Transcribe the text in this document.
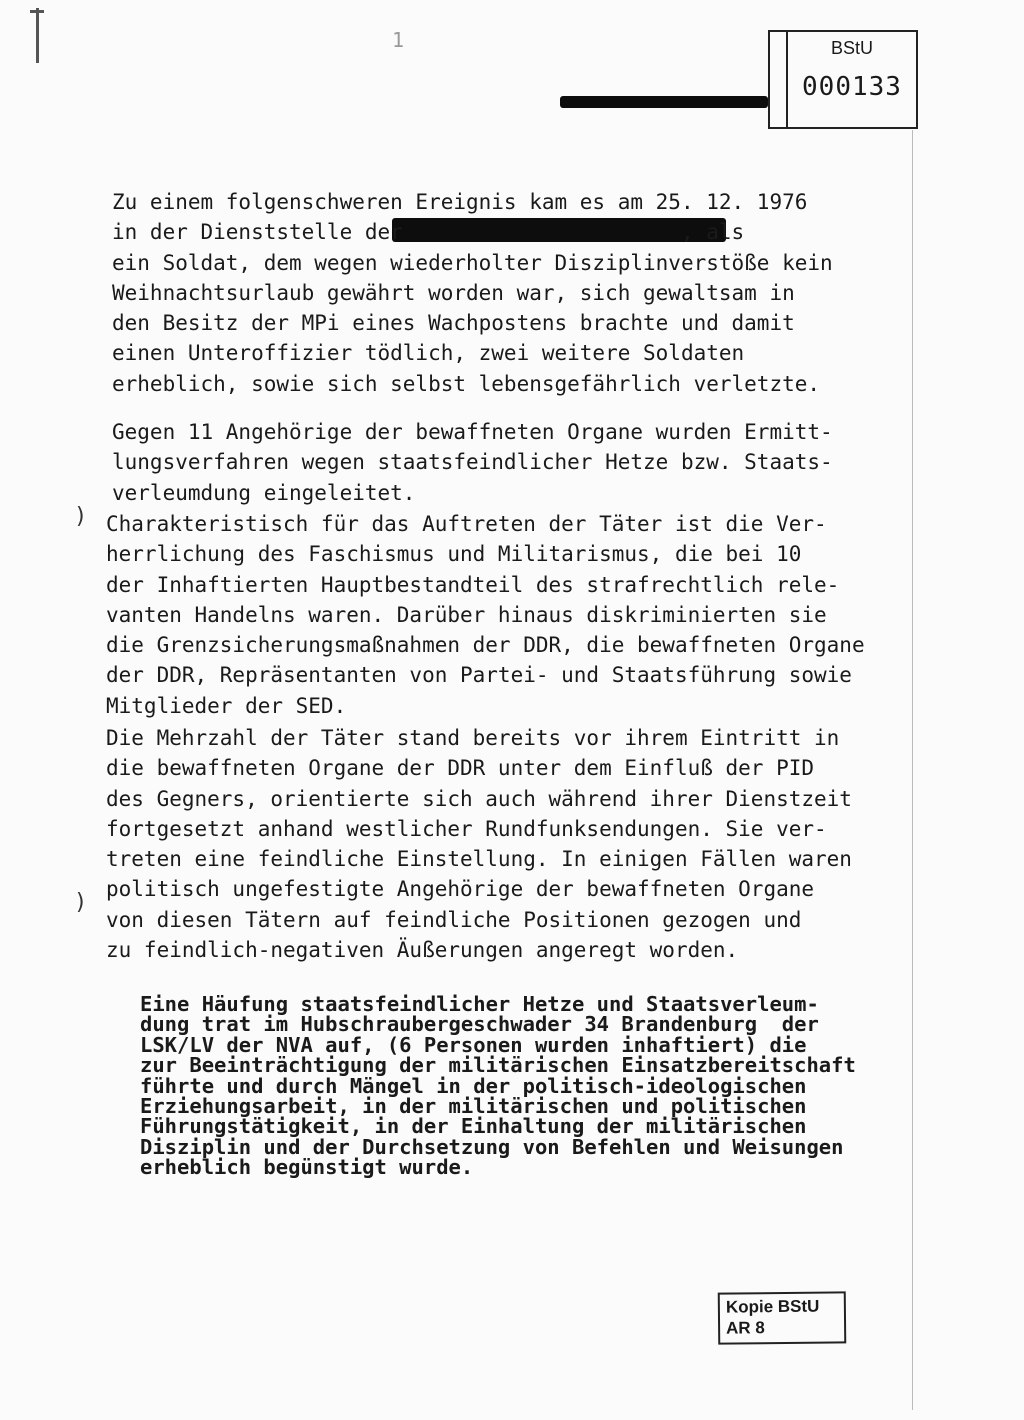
1	BStU
000133
Zu einem folgenschweren Ereignis kam es am 25. 12. 1976
in der Dienststelle der                      , als
ein Soldat, dem wegen wiederholter Disziplinverstöße kein
Weihnachtsurlaub gewährt worden war, sich gewaltsam in
den Besitz der MPi eines Wachpostens brachte und damit
einen Unteroffizier tödlich, zwei weitere Soldaten
erheblich, sowie sich selbst lebensgefährlich verletzte.
Gegen 11 Angehörige der bewaffneten Organe wurden Ermitt-
lungsverfahren wegen staatsfeindlicher Hetze bzw. Staats-
verleumdung eingeleitet.
) Charakteristisch für das Auftreten der Täter ist die Ver-
herrlichung des Faschismus und Militarismus, die bei 10
der Inhaftierten Hauptbestandteil des strafrechtlich rele-
vanten Handelns waren. Darüber hinaus diskriminierten sie
die Grenzsicherungsmaßnahmen der DDR, die bewaffneten Organe
der DDR, Repräsentanten von Partei- und Staatsführung sowie
Mitglieder der SED.
Die Mehrzahl der Täter stand bereits vor ihrem Eintritt in
die bewaffneten Organe der DDR unter dem Einfluß der PID
des Gegners, orientierte sich auch während ihrer Dienstzeit
fortgesetzt anhand westlicher Rundfunksendungen. Sie ver-
treten eine feindliche Einstellung. In einigen Fällen waren
politisch ungefestigte Angehörige der bewaffneten Organe
von diesen Tätern auf feindliche Positionen gezogen und
zu feindlich-negativen Äußerungen angeregt worden.
)
Eine Häufung staatsfeindlicher Hetze und Staatsverleum-
dung trat im Hubschraubergeschwader 34 Brandenburg  der
LSK/LV der NVA auf, (6 Personen wurden inhaftiert) die
zur Beeinträchtigung der militärischen Einsatzbereitschaft
führte und durch Mängel in der politisch-ideologischen
Erziehungsarbeit, in der militärischen und politischen
Führungstätigkeit, in der Einhaltung der militärischen
Disziplin und der Durchsetzung von Befehlen und Weisungen
erheblich begünstigt wurde.
Kopie BStU
AR 8
